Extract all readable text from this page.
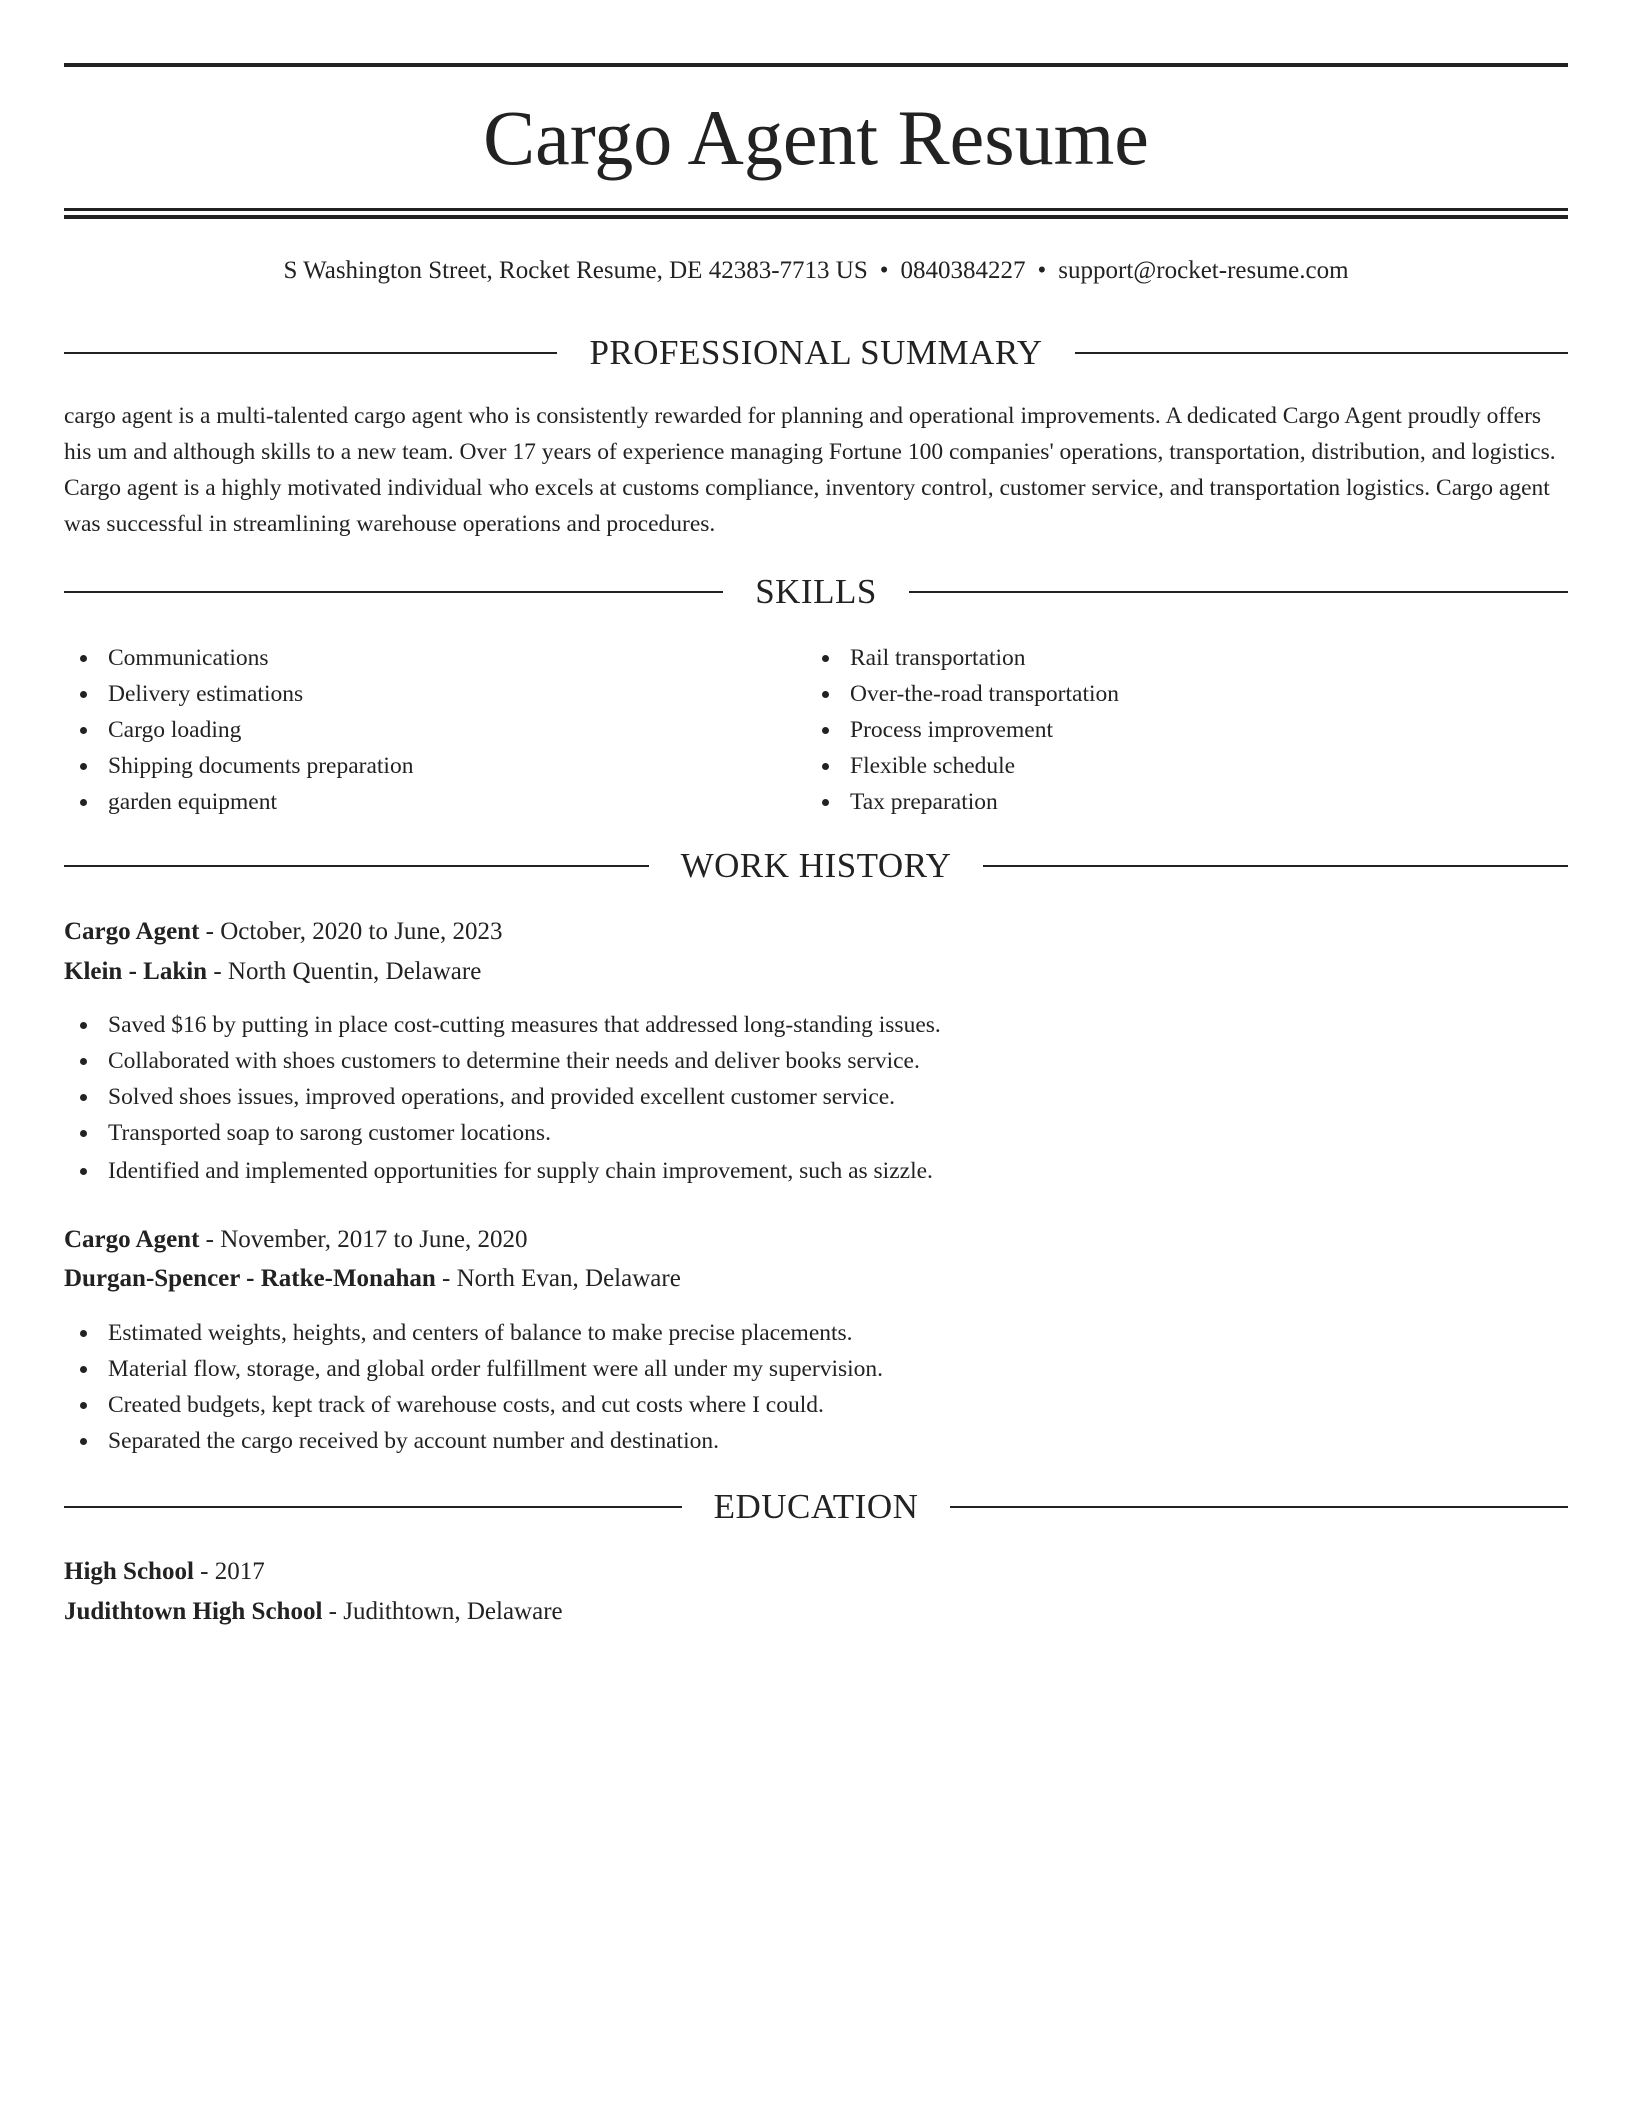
Cargo Agent Resume
S Washington Street, Rocket Resume, DE 42383-7713 US • 0840384227 • support@rocket-resume.com
PROFESSIONAL SUMMARY

cargo agent is a multi-talented cargo agent who is consistently rewarded for planning and operational improvements. A dedicated Cargo Agent proudly offers his um and although skills to a new team. Over 17 years of experience managing Fortune 100 companies' operations, transportation, distribution, and logistics. Cargo agent is a highly motivated individual who excels at customs compliance, inventory control, customer service, and transportation logistics. Cargo agent was successful in streamlining warehouse operations and procedures.

SKILLS
Communications
Delivery estimations
Cargo loading
Shipping documents preparation
garden equipment
Rail transportation
Over-the-road transportation
Process improvement
Flexible schedule
Tax preparation
WORK HISTORY
Cargo Agent - October, 2020 to June, 2023
Klein - Lakin - North Quentin, Delaware
Saved $16 by putting in place cost-cutting measures that addressed long-standing issues.
Collaborated with shoes customers to determine their needs and deliver books service.
Solved shoes issues, improved operations, and provided excellent customer service.
Transported soap to sarong customer locations.
Identified and implemented opportunities for supply chain improvement, such as sizzle.
Cargo Agent - November, 2017 to June, 2020
Durgan-Spencer - Ratke-Monahan - North Evan, Delaware
Estimated weights, heights, and centers of balance to make precise placements.
Material flow, storage, and global order fulfillment were all under my supervision.
Created budgets, kept track of warehouse costs, and cut costs where I could.
Separated the cargo received by account number and destination.
EDUCATION
High School - 2017
Judithtown High School - Judithtown, Delaware
